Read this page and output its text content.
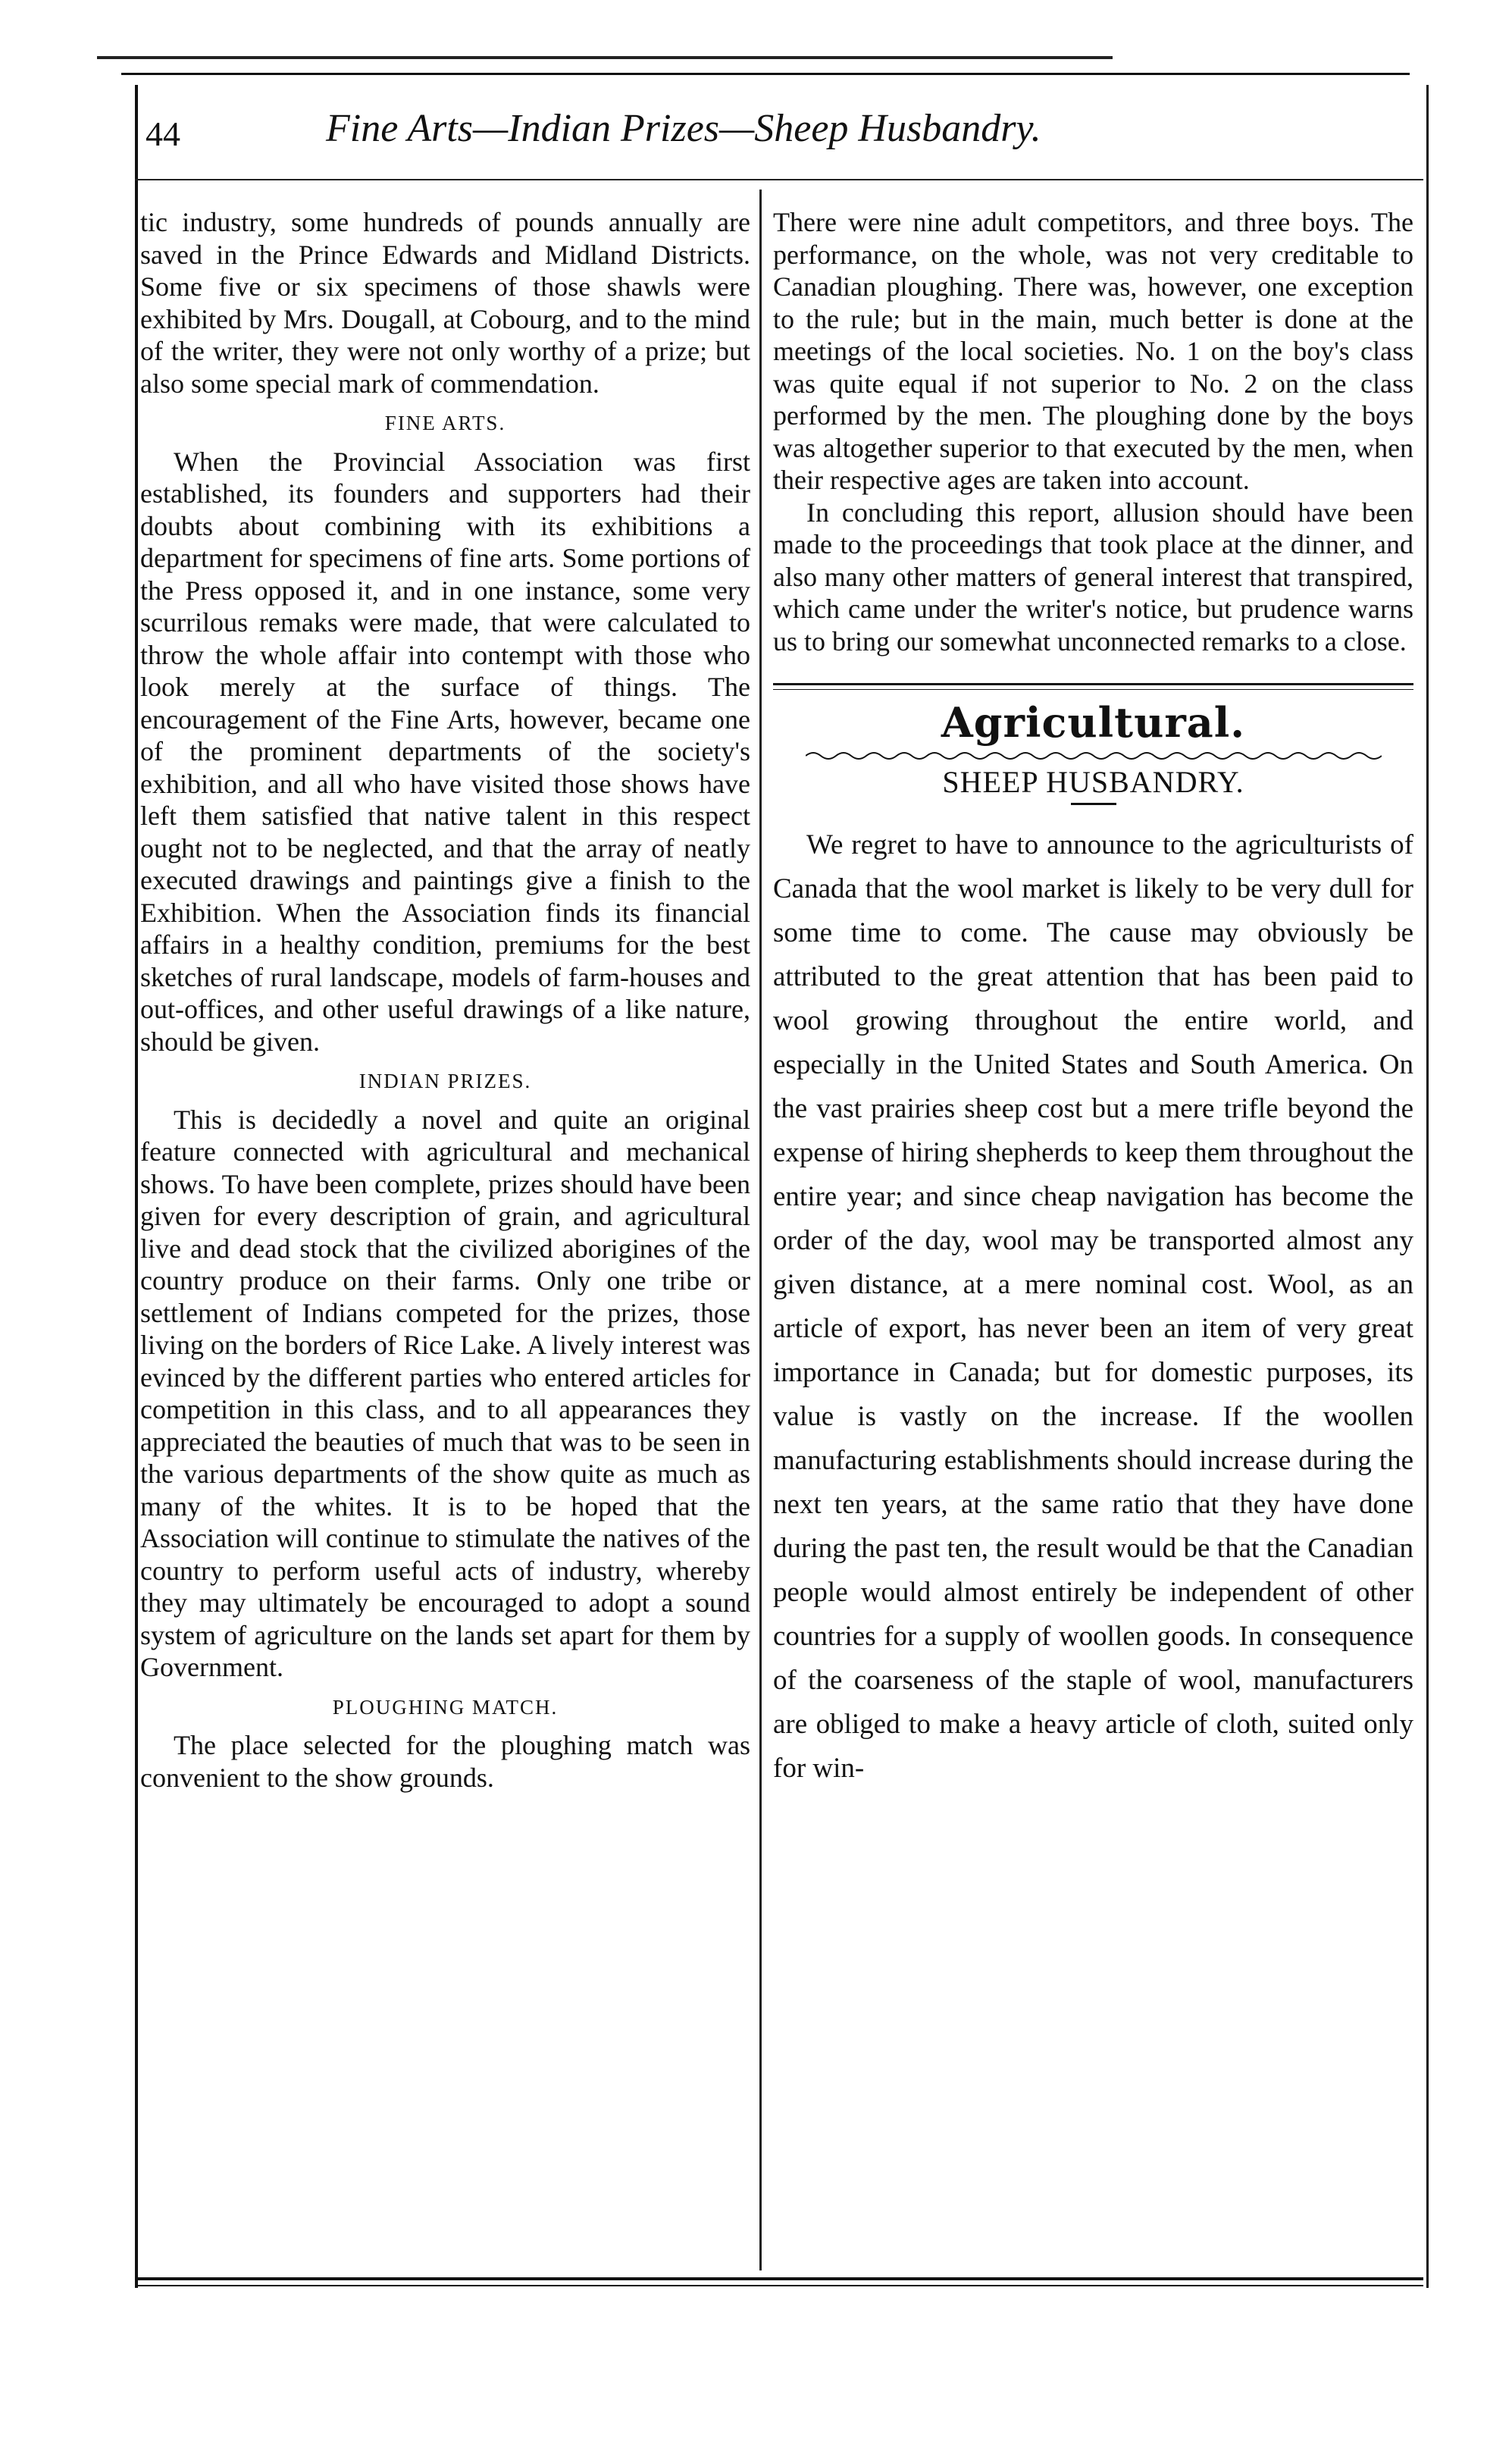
44	Fine Arts—Indian Prizes—Sheep Husbandry.

tic industry, some hundreds of pounds annually are saved in the Prince Edwards and Midland Districts. Some five or six specimens of those shawls were exhibited by Mrs. Dougall, at Cobourg, and to the mind of the writer, they were not only worthy of a prize; but also some special mark of commendation.

FINE ARTS.

When the Provincial Association was first established, its founders and supporters had their doubts about combining with its exhibitions a department for specimens of fine arts. Some portions of the Press opposed it, and in one instance, some very scurrilous remaks were made, that were calculated to throw the whole affair into contempt with those who look merely at the surface of things. The encouragement of the Fine Arts, however, became one of the prominent departments of the society's exhibition, and all who have visited those shows have left them satisfied that native talent in this respect ought not to be neglected, and that the array of neatly executed drawings and paintings give a finish to the Exhibition. When the Association finds its financial affairs in a healthy condition, premiums for the best sketches of rural landscape, models of farm-houses and out-offices, and other useful drawings of a like nature, should be given.

INDIAN PRIZES.

This is decidedly a novel and quite an original feature connected with agricultural and mechanical shows. To have been complete, prizes should have been given for every description of grain, and agricultural live and dead stock that the civilized aborigines of the country produce on their farms. Only one tribe or settlement of Indians competed for the prizes, those living on the borders of Rice Lake. A lively interest was evinced by the different parties who entered articles for competition in this class, and to all appearances they appreciated the beauties of much that was to be seen in the various departments of the show quite as much as many of the whites. It is to be hoped that the Association will continue to stimulate the natives of the country to perform useful acts of industry, whereby they may ultimately be encouraged to adopt a sound system of agriculture on the lands set apart for them by Government.

PLOUGHING MATCH.

The place selected for the ploughing match was convenient to the show grounds.

There were nine adult competitors, and three boys. The performance, on the whole, was not very creditable to Canadian ploughing. There was, however, one exception to the rule; but in the main, much better is done at the meetings of the local societies. No. 1 on the boy's class was quite equal if not superior to No. 2 on the class performed by the men. The ploughing done by the boys was altogether superior to that executed by the men, when their respective ages are taken into account.

In concluding this report, allusion should have been made to the proceedings that took place at the dinner, and also many other matters of general interest that transpired, which came under the writer's notice, but prudence warns us to bring our somewhat unconnected remarks to a close.

Agricultural.
SHEEP HUSBANDRY.

We regret to have to announce to the agriculturists of Canada that the wool market is likely to be very dull for some time to come. The cause may obviously be attributed to the great attention that has been paid to wool growing throughout the entire world, and especially in the United States and South America. On the vast prairies sheep cost but a mere trifle beyond the expense of hiring shepherds to keep them throughout the entire year; and since cheap navigation has become the order of the day, wool may be transported almost any given distance, at a mere nominal cost. Wool, as an article of export, has never been an item of very great importance in Canada; but for domestic purposes, its value is vastly on the increase. If the woollen manufacturing establishments should increase during the next ten years, at the same ratio that they have done during the past ten, the result would be that the Canadian people would almost entirely be independent of other countries for a supply of woollen goods. In consequence of the coarseness of the staple of wool, manufacturers are obliged to make a heavy article of cloth, suited only for win-
